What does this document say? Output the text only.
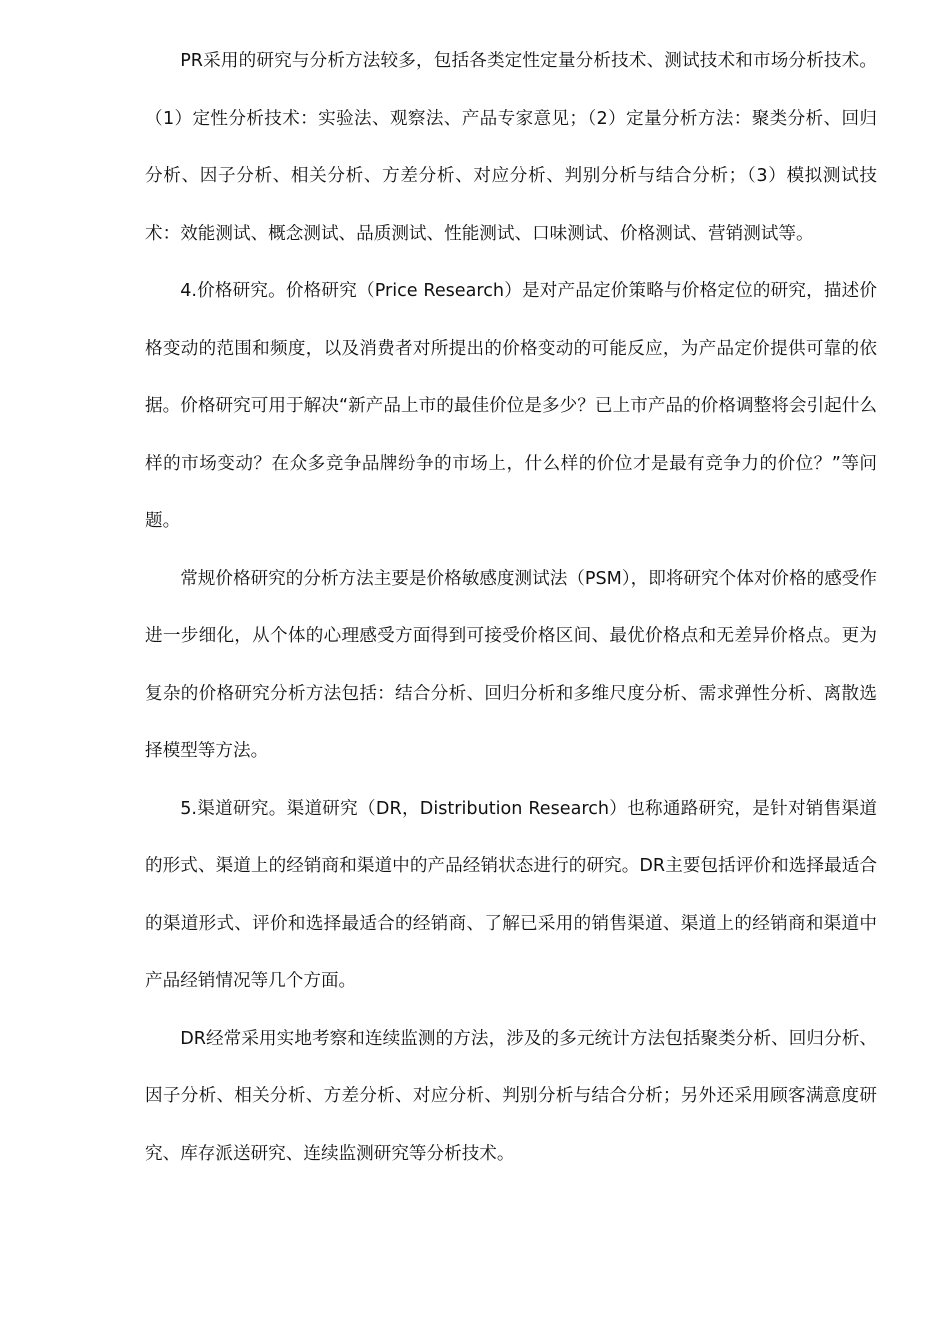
PR采用的研究与分析方法较多，包括各类定性定量分析技术、测试技术和市场分析技术。（1）定性分析技术：实验法、观察法、产品专家意见；（2）定量分析方法：聚类分析、回归分析、因子分析、相关分析、方差分析、对应分析、判别分析与结合分析；（3）模拟测试技术：效能测试、概念测试、品质测试、性能测试、口味测试、价格测试、营销测试等。

4.价格研究。价格研究（Price Research）是对产品定价策略与价格定位的研究，描述价格变动的范围和频度，以及消费者对所提出的价格变动的可能反应，为产品定价提供可靠的依据。价格研究可用于解决“新产品上市的最佳价位是多少？已上市产品的价格调整将会引起什么样的市场变动？在众多竞争品牌纷争的市场上，什么样的价位才是最有竞争力的价位？”等问题。

常规价格研究的分析方法主要是价格敏感度测试法（PSM），即将研究个体对价格的感受作进一步细化，从个体的心理感受方面得到可接受价格区间、最优价格点和无差异价格点。更为复杂的价格研究分析方法包括：结合分析、回归分析和多维尺度分析、需求弹性分析、离散选择模型等方法。

5.渠道研究。渠道研究（DR，Distribution Research）也称通路研究，是针对销售渠道的形式、渠道上的经销商和渠道中的产品经销状态进行的研究。DR主要包括评价和选择最适合的渠道形式、评价和选择最适合的经销商、了解已采用的销售渠道、渠道上的经销商和渠道中产品经销情况等几个方面。

DR经常采用实地考察和连续监测的方法，涉及的多元统计方法包括聚类分析、回归分析、因子分析、相关分析、方差分析、对应分析、判别分析与结合分析；另外还采用顾客满意度研究、库存派送研究、连续监测研究等分析技术。
